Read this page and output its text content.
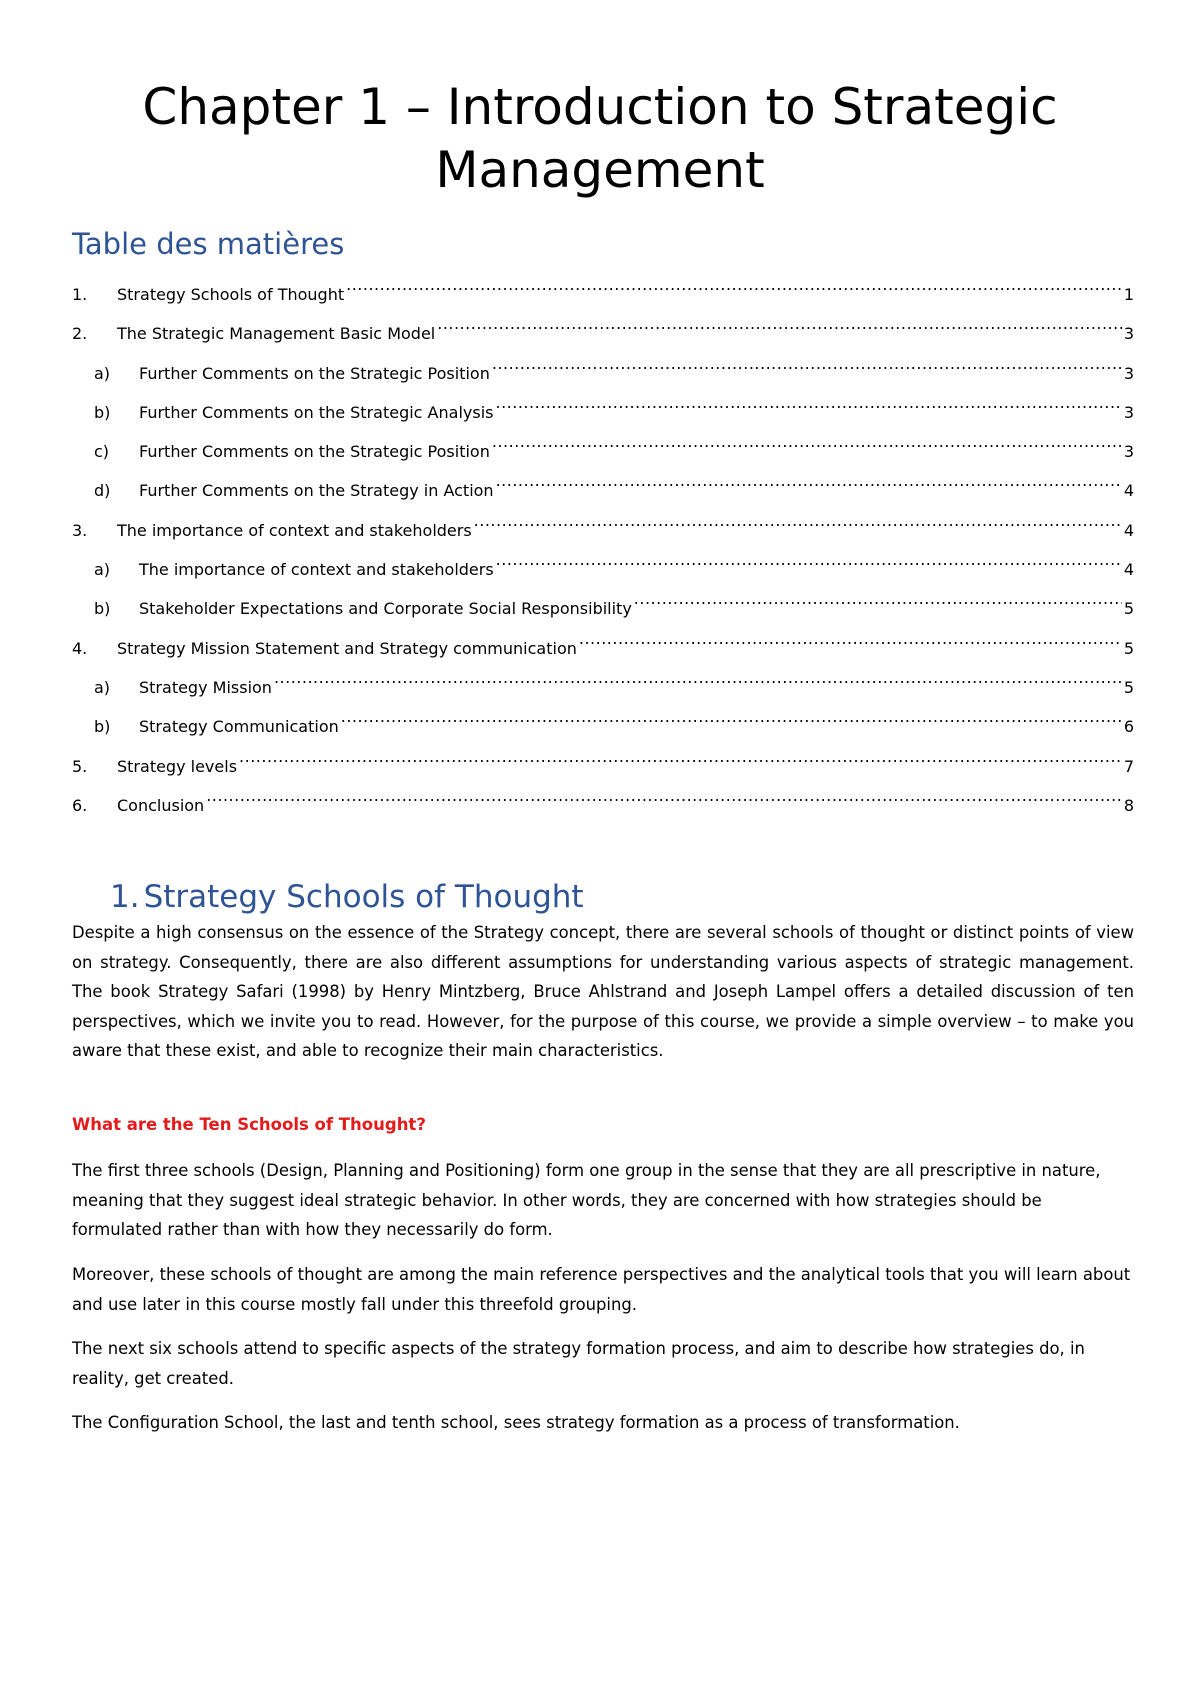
Chapter 1 – Introduction to Strategic Management
Table des matières
1.	Strategy Schools of Thought .....	1
2.	The Strategic Management Basic Model .....	3
a)	Further Comments on the Strategic Position .....	3
b)	Further Comments on the Strategic Analysis .....	3
c)	Further Comments on the Strategic Position .....	3
d)	Further Comments on the Strategy in Action .....	4
3.	The importance of context and stakeholders .....	4
a)	The importance of context and stakeholders .....	4
b)	Stakeholder Expectations and Corporate Social Responsibility .....	5
4.	Strategy Mission Statement and Strategy communication .....	5
a)	Strategy Mission .....	5
b)	Strategy Communication .....	6
5.	Strategy levels .....	7
6.	Conclusion .....	8
1. Strategy Schools of Thought

Despite a high consensus on the essence of the Strategy concept, there are several schools of thought or distinct points of view on strategy. Consequently, there are also different assumptions for understanding various aspects of strategic management. The book Strategy Safari (1998) by Henry Mintzberg, Bruce Ahlstrand and Joseph Lampel offers a detailed discussion of ten perspectives, which we invite you to read. However, for the purpose of this course, we provide a simple overview – to make you aware that these exist, and able to recognize their main characteristics.

What are the Ten Schools of Thought?

The first three schools (Design, Planning and Positioning) form one group in the sense that they are all prescriptive in nature, meaning that they suggest ideal strategic behavior. In other words, they are concerned with how strategies should be formulated rather than with how they necessarily do form.

Moreover, these schools of thought are among the main reference perspectives and the analytical tools that you will learn about and use later in this course mostly fall under this threefold grouping.

The next six schools attend to specific aspects of the strategy formation process, and aim to describe how strategies do, in reality, get created.

The Configuration School, the last and tenth school, sees strategy formation as a process of transformation.
